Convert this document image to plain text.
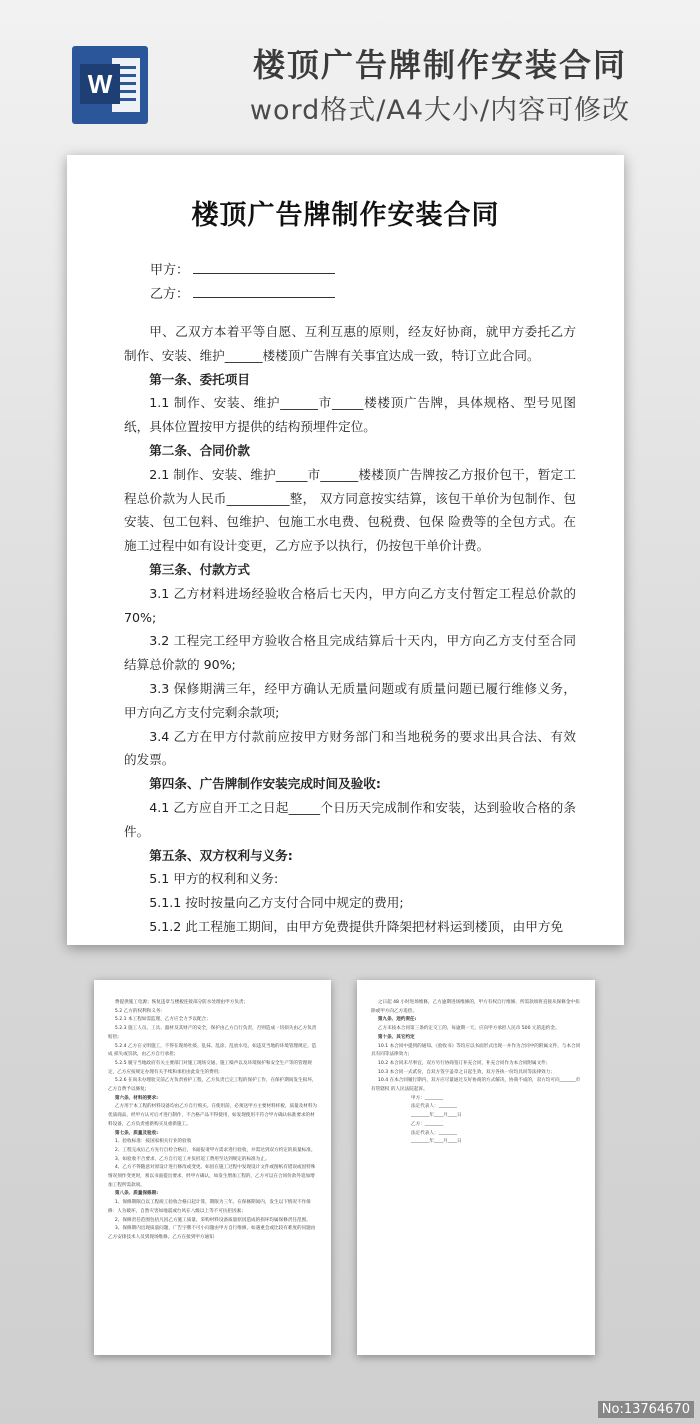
W	楼顶广告牌制作安装合同
word格式/A4大小/内容可修改
楼顶广告牌制作安装合同
甲方：
乙方：

甲、乙双方本着平等自愿、互利互惠的原则，经友好协商，就甲方委托乙方制作、安装、维护______楼楼顶广告牌有关事宜达成一致，特订立此合同。

第一条、委托项目

1.1 制作、安装、维护______市_____楼楼顶广告牌，具体规格、型号见图纸，具体位置按甲方提供的结构预埋件定位。

第二条、合同价款

2.1 制作、安装、维护_____市______楼楼顶广告牌按乙方报价包干，暂定工程总价款为人民币__________整， 双方同意按实结算，该包干单价为包制作、包安装、包工包料、包维护、包施工水电费、包税费、包保 险费等的全包方式。在施工过程中如有设计变更，乙方应予以执行，仍按包干单价计费。

第三条、付款方式

3.1 乙方材料进场经验收合格后七天内，甲方向乙方支付暂定工程总价款的 70%;

3.2 工程完工经甲方验收合格且完成结算后十天内，甲方向乙方支付至合同结算总价款的 90%;

3.3 保修期满三年，经甲方确认无质量问题或有质量问题已履行维修义务，甲方向乙方支付完剩余款项;

3.4 乙方在甲方付款前应按甲方财务部门和当地税务的要求出具合法、有效的发票。

第四条、广告牌制作安装完成时间及验收:

4.1 乙方应自开工之日起_____个日历天完成制作和安装，达到验收合格的条件。

第五条、双方权利与义务:

5.1 甲方的权利和义务:

5.1.1 按时按量向乙方支付合同中规定的费用;

5.1.2 此工程施工期间，由甲方免费提供升降架把材料运到楼顶，由甲方免

费提供施工电源；恢复违章与楼板连接部分防水处理由甲方负责；

5.2 乙方的权利和义务:

5.2.1 本工程如需监理，乙方应全力予以配合；

5.2.3 施工人员、工具、器材及其财产的安全，保护由乙方自行负责，否则造成一切损失由乙方负责 赔偿;

5.2.4 乙方在文明施工，不得在现场吐痰、乱抹、乱涂、乱放水电，如违反当地的环境管理规定，造成 损失或罚款，由乙方自行承担;

5.2.5 履守当地政府有关主要部门对施工现场交通、施工噪声以及环境保护和安全生产等的管理规定，乙方应按规定办理有关手续和承担由此发生的费用;

5.2.6 在尚未办理验交前乙方负责看护工程，乙方负责已完工程的保护工作，在保护期间发生损坏，乙方自费予以修复;

第六条、材料的要求:

乙方用于本工程的材料设备均由乙方自行购买。在使用前，必须送甲方主要材料样板，质量及材料为 优质商品，经甲方认可后才进行制作，不合格产品不得使用，如发现使用不符合甲方确认标准要求的材料设备，乙方负责重新购买及重新施工。

第七条、质量及验收:

1、验收标准：按国家相关行业的验收

2、工程完成后乙方先行自检合格后，书面报请甲方需求进行验收，并需达到双方约定的质量标准。

3、如验收不合要求，乙方自行返工并负担返工费用至达到规定的标准为止。

4、乙方不得随意对原设计进行修改或变更。如因在施工过程中发现设计文件或图纸有错误或因特殊情况须作变更时，须以书面提出要求，经甲方确认，如发生增加工程的，乙方可以在合同价款外追加增加工程所需款项。

第八条、质量保修期:

1、保修期限自以工程竣工验收合格日起计算，期限为三年。在保修期间内，发生以下情况不作保修：人为破坏，自然灾害如地震或台风在八级以上等不可抗拒因素；

2、保修责任范围包括凡因乙方施工质量、采购材料设备质量原因造成的损坏均属保修责任范围。

3、保修期内出现质量问题，广告字牌不可小问题由甲方自行维修，如遇重会或比较有难度的问题由 乙方安排技术人员到现场维修。乙方在接到甲方通知

之日起 48 小时进场维修，乙方逾期进场维修的，甲方有权自行维修，所需款项将直接从保修金中扣除或甲方向乙方追偿。

第九条、违约责任:

乙方未按本合同第三条约定交工的，每逾期一天，应向甲方承担人民币 500 元的违约金。

第十条、其它约定

10.1 本合同中提到的通知、《验收书》等均应以书面形式出现一并作为合同中的附属文件，与本合同具有同等法律效力;

10.2 本合同未尽事宜，双方另行协商签订补充合同，补充合同作为本合同附属文件；

10.3 本合同一式贰份，自双方签字盖章之日起生效，双方各执一份均具同等法律效力；

10.4 在本合同履行期内，双方应尽量通过友好协商的方式解决，协商不成的，双方均可向_______市有管辖权 的人民法院起诉。

甲方：________

法定代表人：________

________年____月____日

乙方：________

法定代表人：________

________年____月____日

No:13764670
